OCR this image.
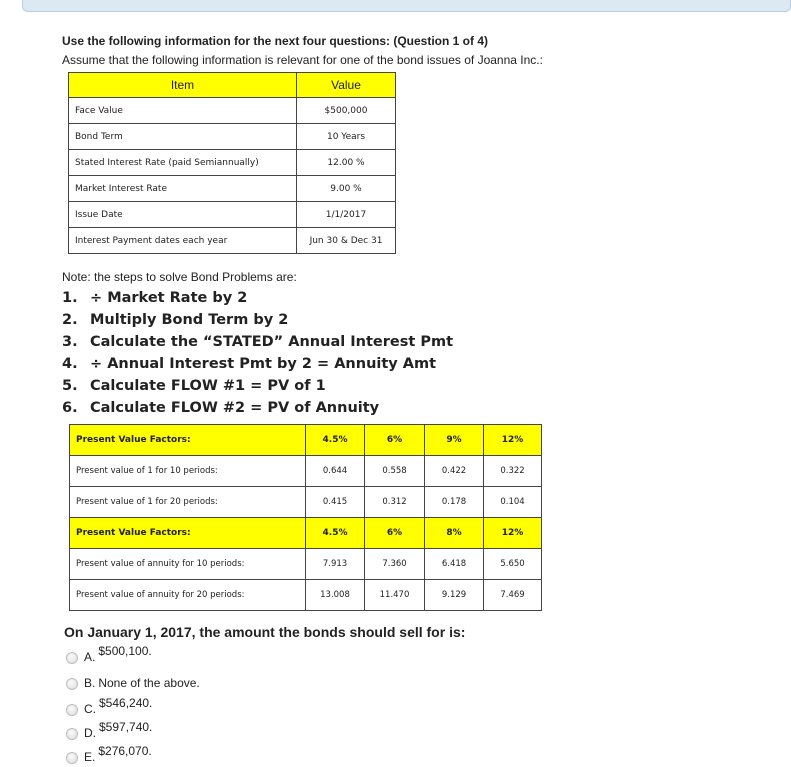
Use the following information for the next four questions: (Question 1 of 4)
Assume that the following information is relevant for one of the bond issues of Joanna Inc.:
Item	Value
Face Value	$500,000
Bond Term	10 Years
Stated Interest Rate (paid Semiannually)	12.00 %
Market Interest Rate	9.00 %
Issue Date	1/1/2017
Interest Payment dates each year	Jun 30 & Dec 31
Note: the steps to solve Bond Problems are:
1. ÷ Market Rate by 2
2. Multiply Bond Term by 2
3. Calculate the “STATED” Annual Interest Pmt
4. ÷ Annual Interest Pmt by 2 = Annuity Amt
5. Calculate FLOW #1 = PV of 1
6. Calculate FLOW #2 = PV of Annuity
Present Value Factors:	4.5%	6%	9%	12%
Present value of 1 for 10 periods:	0.644	0.558	0.422	0.322
Present value of 1 for 20 periods:	0.415	0.312	0.178	0.104
Present Value Factors:	4.5%	6%	8%	12%
Present value of annuity for 10 periods:	7.913	7.360	6.418	5.650
Present value of annuity for 20 periods:	13.008	11.470	9.129	7.469
On January 1, 2017, the amount the bonds should sell for is:
A. $500,100.
B. None of the above.
C. $546,240.
D. $597,740.
E. $276,070.
